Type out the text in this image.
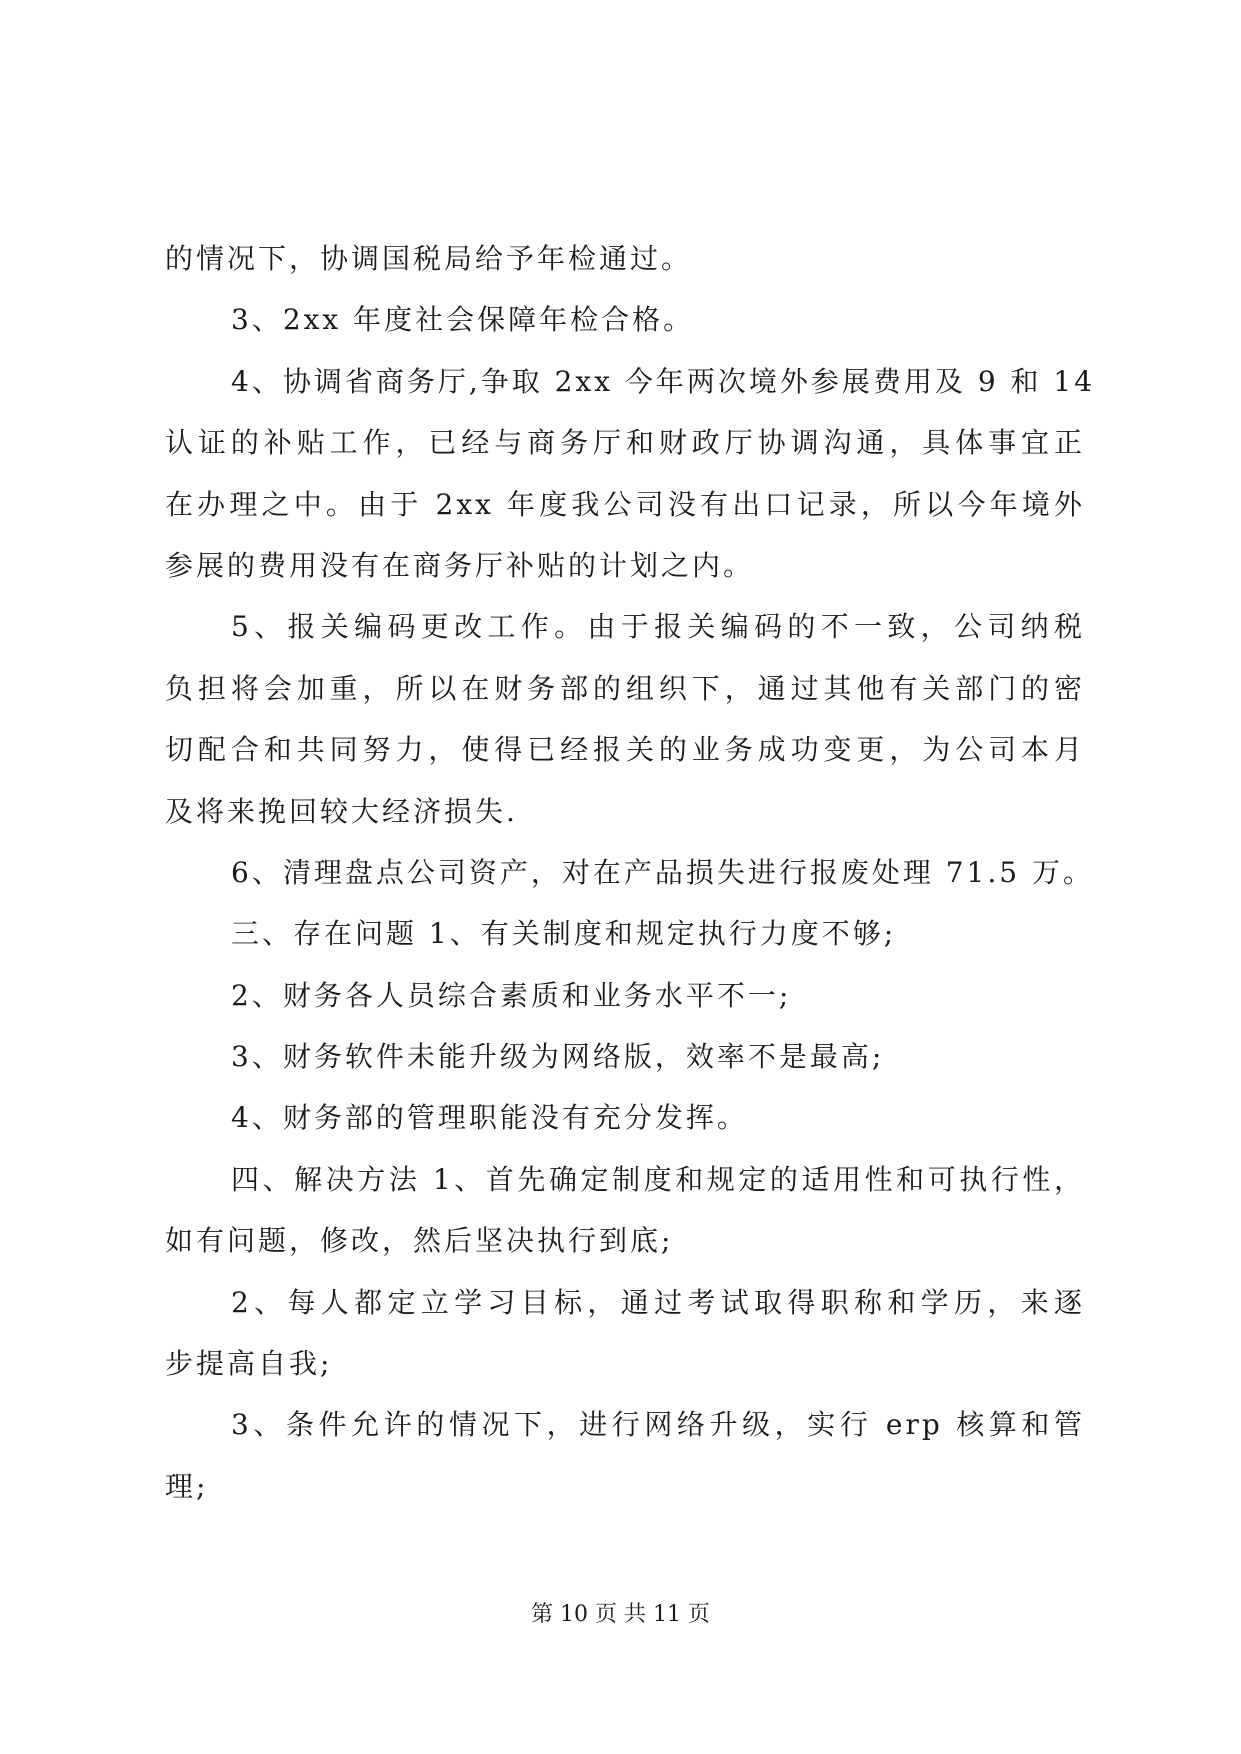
的情况下，协调国税局给予年检通过。
3、2xx 年度社会保障年检合格。
4、协调省商务厅,争取 2xx 今年两次境外参展费用及 9 和 14
认证的补贴工作，已经与商务厅和财政厅协调沟通，具体事宜正
在办理之中。由于 2xx 年度我公司没有出口记录，所以今年境外
参展的费用没有在商务厅补贴的计划之内。
5、报关编码更改工作。由于报关编码的不一致，公司纳税
负担将会加重，所以在财务部的组织下，通过其他有关部门的密
切配合和共同努力，使得已经报关的业务成功变更，为公司本月
及将来挽回较大经济损失.
6、清理盘点公司资产，对在产品损失进行报废处理 71.5 万。
三、存在问题 1、有关制度和规定执行力度不够;
2、财务各人员综合素质和业务水平不一;
3、财务软件未能升级为网络版，效率不是最高;
4、财务部的管理职能没有充分发挥。
四、解决方法 1、首先确定制度和规定的适用性和可执行性，
如有问题，修改，然后坚决执行到底;
2、每人都定立学习目标，通过考试取得职称和学历，来逐
步提高自我;
3、条件允许的情况下，进行网络升级，实行 erp 核算和管
理;
第 10 页 共 11 页
